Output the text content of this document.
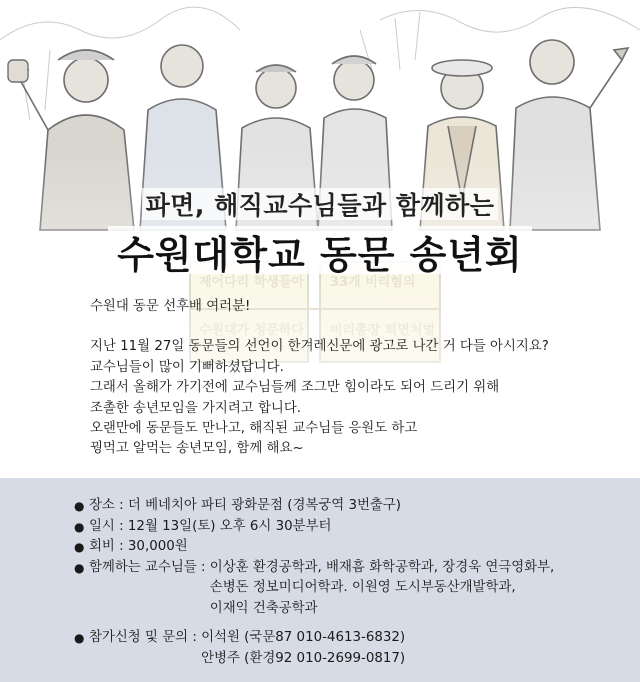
파면, 해직교수님들과 함께하는
수원대학교 동문 송년회
수원대 동문 선후배 여러분!
지난 11월 27일 동문들의 선언이 한겨레신문에 광고로 나간 거 다들 아시지요?
교수님들이 많이 기뻐하셨답니다.
그래서 올해가 가기전에 교수님들께 조그만 힘이라도 되어 드리기 위해
조촐한 송년모임을 가지려고 합니다.
오랜만에 동문들도 만나고, 해직된 교수님들 응원도 하고
꿩먹고 알먹는 송년모임, 함께 해요~
● 장소 : 더 베네치아 파티 광화문점 (경복궁역 3번출구)
● 일시 : 12월 13일(토) 오후 6시 30분부터
● 회비 : 30,000원
● 함께하는 교수님들 : 이상훈 환경공학과, 배재흠 화학공학과, 장경욱 연극영화부,
손병돈 정보미디어학과. 이원영 도시부동산개발학과,
이재익 건축공학과
● 참가신청 및 문의 : 이석원 (국문87 010-4613-6832)
안병주 (환경92 010-2699-0817)
